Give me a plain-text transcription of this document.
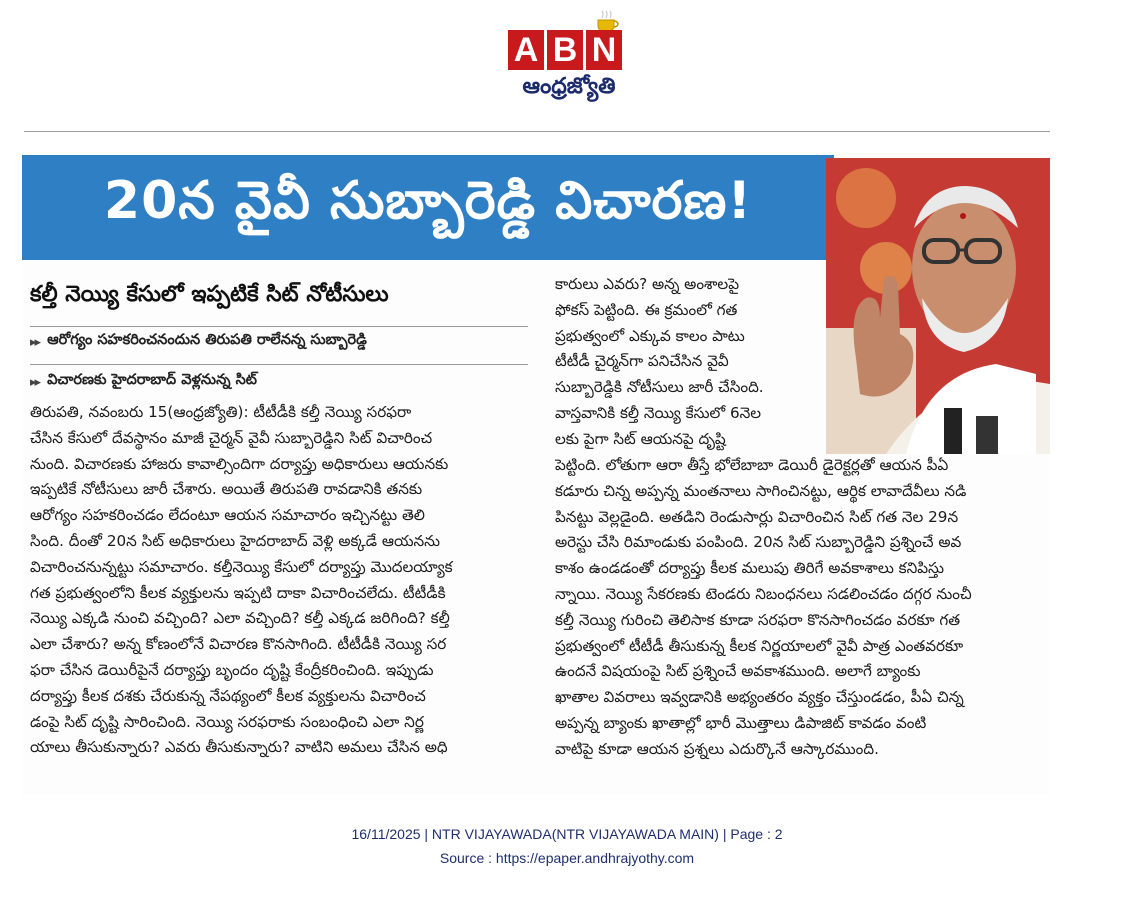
A B N
ఆంధ్రజ్యోతి
20న వైవీ సుబ్బారెడ్డి విచారణ!
కల్తీ నెయ్యి కేసులో ఇప్పటికే సిట్ నోటీసులు
▸▸ ఆరోగ్యం సహకరించనందున తిరుపతి రాలేనన్న సుబ్బారెడ్డి
▸▸ విచారణకు హైదరాబాద్ వెళ్లనున్న సిట్
తిరుపతి, నవంబరు 15(ఆంధ్రజ్యోతి): టీటీడీకి కల్తీ నెయ్యి సరఫరా
చేసిన కేసులో దేవస్థానం మాజీ చైర్మన్ వైవీ సుబ్బారెడ్డిని సిట్ విచారించ
నుంది. విచారణకు హాజరు కావాల్సిందిగా దర్యాప్తు అధికారులు ఆయనకు
ఇప్పటికే నోటీసులు జారీ చేశారు. అయితే తిరుపతి రావడానికి తనకు
ఆరోగ్యం సహకరించడం లేదంటూ ఆయన సమాచారం ఇచ్చినట్టు తెలి
సింది. దీంతో 20న సిట్ అధికారులు హైదరాబాద్ వెళ్లి అక్కడే ఆయనను
విచారించనున్నట్టు సమాచారం. కల్తీనెయ్యి కేసులో దర్యాప్తు మొదలయ్యాక
గత ప్రభుత్వంలోని కీలక వ్యక్తులను ఇప్పటి దాకా విచారించలేదు. టీటీడీకి
నెయ్యి ఎక్కడి నుంచి వచ్చింది? ఎలా వచ్చింది? కల్తీ ఎక్కడ జరిగింది? కల్తీ
ఎలా చేశారు? అన్న కోణంలోనే విచారణ కొనసాగింది. టీటీడీకి నెయ్యి సర
ఫరా చేసిన డెయిరీపైనే దర్యాప్తు బృందం దృష్టి కేంద్రీకరించింది. ఇప్పుడు
దర్యాప్తు కీలక దశకు చేరుకున్న నేపథ్యంలో కీలక వ్యక్తులను విచారించ
డంపై సిట్ దృష్టి సారించింది. నెయ్యి సరఫరాకు సంబంధించి ఎలా నిర్ణ
యాలు తీసుకున్నారు? ఎవరు తీసుకున్నారు? వాటిని అమలు చేసిన అధి
కారులు ఎవరు? అన్న అంశాలపై
ఫోకస్ పెట్టింది. ఈ క్రమంలో గత
ప్రభుత్వంలో ఎక్కువ కాలం పాటు
టీటీడీ చైర్మన్‌గా పనిచేసిన వైవీ
సుబ్బారెడ్డికి నోటీసులు జారీ చేసింది.
వాస్తవానికి కల్తీ నెయ్యి కేసులో 6నెల
లకు పైగా సిట్ ఆయనపై దృష్టి
పెట్టింది. లోతుగా ఆరా తీస్తే భోలేబాబా డెయిరీ డైరెక్టర్లతో ఆయన పీఏ
కడూరు చిన్న అప్పన్న మంతనాలు సాగించినట్టు, ఆర్థిక లావాదేవీలు నడి
పినట్టు వెల్లడైంది. అతడిని రెండుసార్లు విచారించిన సిట్ గత నెల 29న
అరెస్టు చేసి రిమాండుకు పంపింది. 20న సిట్ సుబ్బారెడ్డిని ప్రశ్నించే అవ
కాశం ఉండడంతో దర్యాప్తు కీలక మలుపు తిరిగే అవకాశాలు కనిపిస్తు
న్నాయి. నెయ్యి సేకరణకు టెండరు నిబంధనలు సడలించడం దగ్గర నుంచీ
కల్తీ నెయ్యి గురించి తెలిసాక కూడా సరఫరా కొనసాగించడం వరకూ గత
ప్రభుత్వంలో టీటీడీ తీసుకున్న కీలక నిర్ణయాలలో వైవీ పాత్ర ఎంతవరకూ
ఉందనే విషయంపై సిట్ ప్రశ్నించే అవకాశముంది. అలాగే బ్యాంకు
ఖాతాల వివరాలు ఇవ్వడానికి అభ్యంతరం వ్యక్తం చేస్తుండడం, పీఏ చిన్న
అప్పన్న బ్యాంకు ఖాతాల్లో భారీ మొత్తాలు డిపాజిట్ కావడం వంటి
వాటిపై కూడా ఆయన ప్రశ్నలు ఎదుర్కొనే ఆస్కారముంది.
16/11/2025 | NTR VIJAYAWADA(NTR VIJAYAWADA MAIN) | Page : 2
Source : https://epaper.andhrajyothy.com
